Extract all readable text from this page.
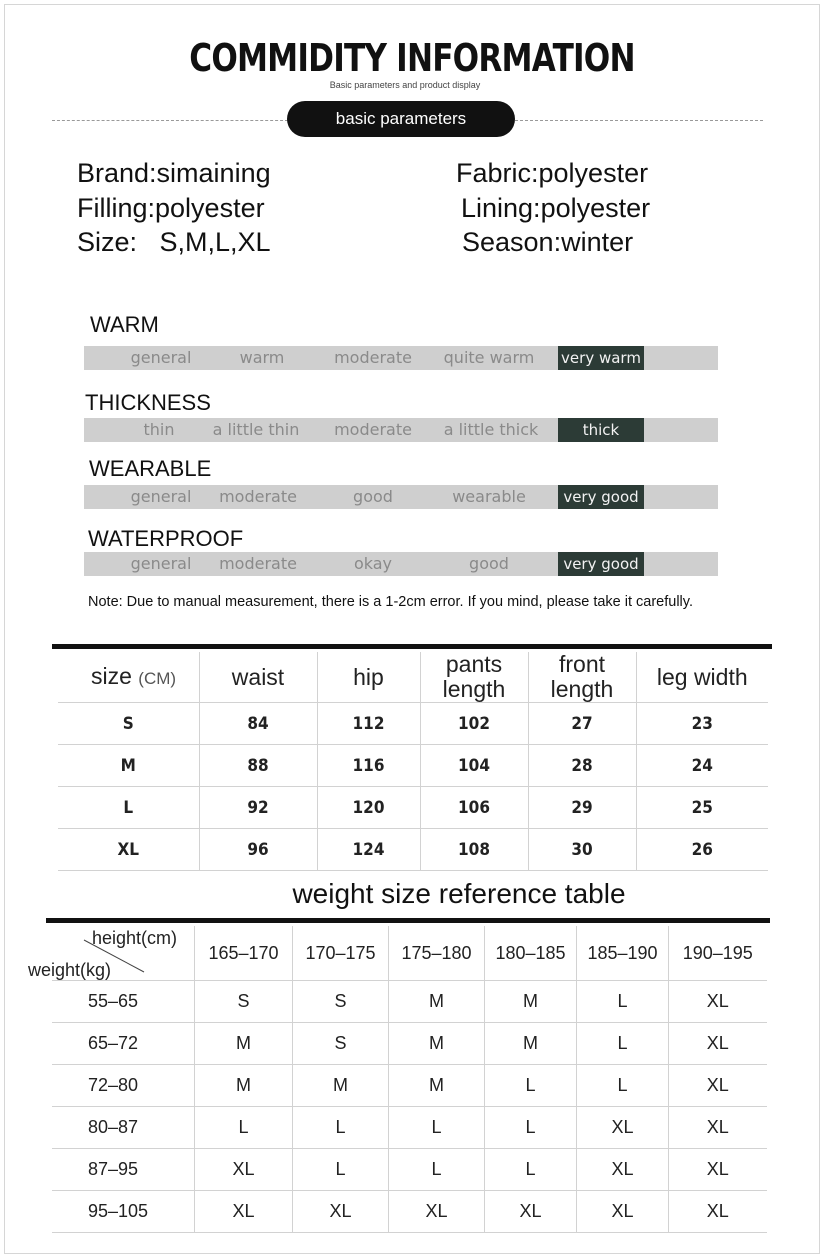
COMMIDITY INFORMATION
Basic parameters and product display
basic parameters
Brand:simaining	Fabric:polyester
Filling:polyester	Lining:polyester
Size:   S,M,L,XL	Season:winter
WARM
general	warm	moderate	quite warm	very warm
THICKNESS
thin	a little thin	moderate	a little thick	thick
WEARABLE
general	moderate	good	wearable	very good
WATERPROOF
general	moderate	okay	good	very good
Note: Due to manual measurement, there is a 1-2cm error. If you mind, please take it carefully.
size (CM)	waist	hip	pants length	front length	leg width
S	84	112	102	27	23
M	88	116	104	28	24
L	92	120	106	29	25
XL	96	124	108	30	26
weight size reference table
height(cm)
weight(kg)	165–170	170–175	175–180	180–185	185–190	190–195
55–65	S	S	M	M	L	XL
65–72	M	S	M	M	L	XL
72–80	M	M	M	L	L	XL
80–87	L	L	L	L	XL	XL
87–95	XL	L	L	L	XL	XL
95–105	XL	XL	XL	XL	XL	XL
